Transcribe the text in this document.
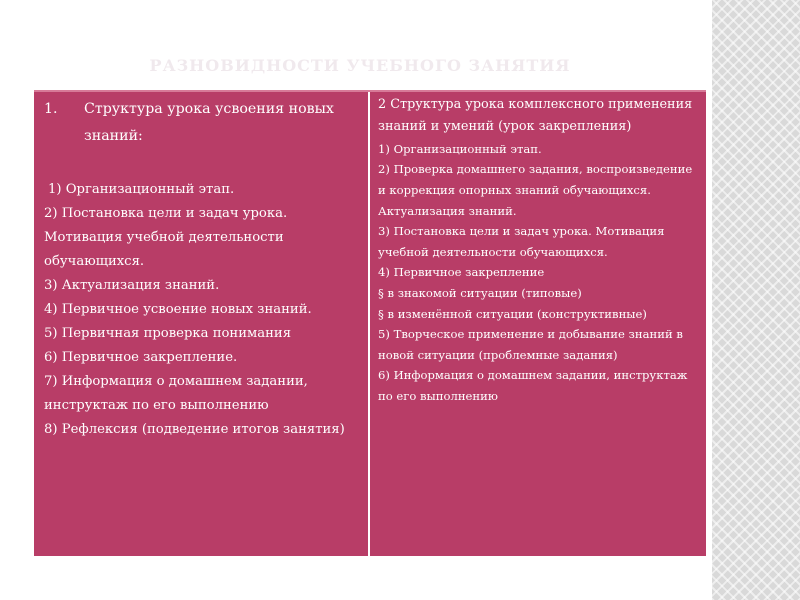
РАЗНОВИДНОСТИ УЧЕБНОГО ЗАНЯТИЯ
1.	Структура урока усвоения новых знаний:

1) Организационный этап.

2) Постановка цели и задач урока. Мотивация учебной деятельности обучающихся.

3) Актуализация знаний.

4) Первичное усвоение новых знаний.

5) Первичная проверка понимания

6) Первичное закрепление.

7) Информация о домашнем задании, инструктаж по его выполнению

8) Рефлексия (подведение итогов занятия)

2 Структура урока комплексного применения знаний и умений (урок закрепления)

1) Организационный этап.

2) Проверка домашнего задания, воспроизведение и коррекция опорных знаний обучающихся. Актуализация знаний.

3) Постановка цели и задач урока. Мотивация учебной деятельности обучающихся.

4) Первичное закрепление

§ в знакомой ситуации (типовые)

§ в изменённой ситуации (конструктивные)

5) Творческое применение и добывание знаний в новой ситуации (проблемные задания)

6) Информация о домашнем задании, инструктаж по его выполнению
